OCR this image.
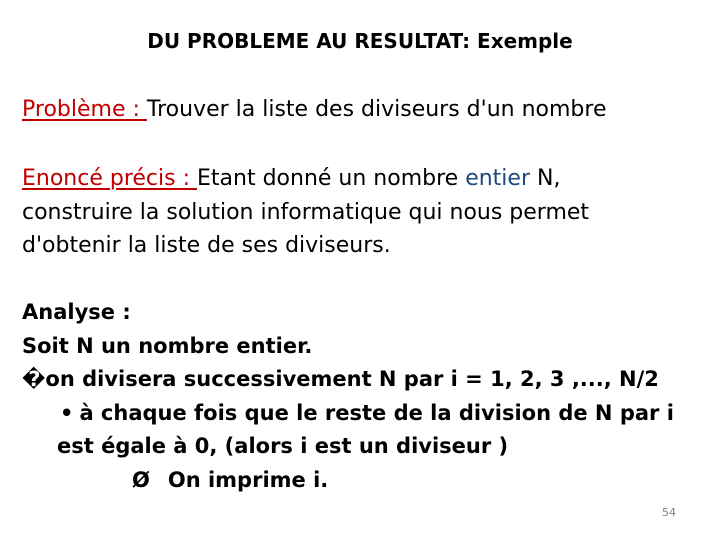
DU PROBLEME AU RESULTAT: Exemple
Problème : Trouver la liste des diviseurs d'un nombre
Enoncé précis : Etant donné un nombre entier N,
construire la solution informatique qui nous permet
d'obtenir la liste de ses diviseurs.
Analyse :
Soit N un nombre entier.
�on divisera successivement N par i = 1, 2, 3 ,..., N/2
• à chaque fois que le reste de la division de N par i
est égale à 0, (alors i est un diviseur )
Ø On imprime i.
54
